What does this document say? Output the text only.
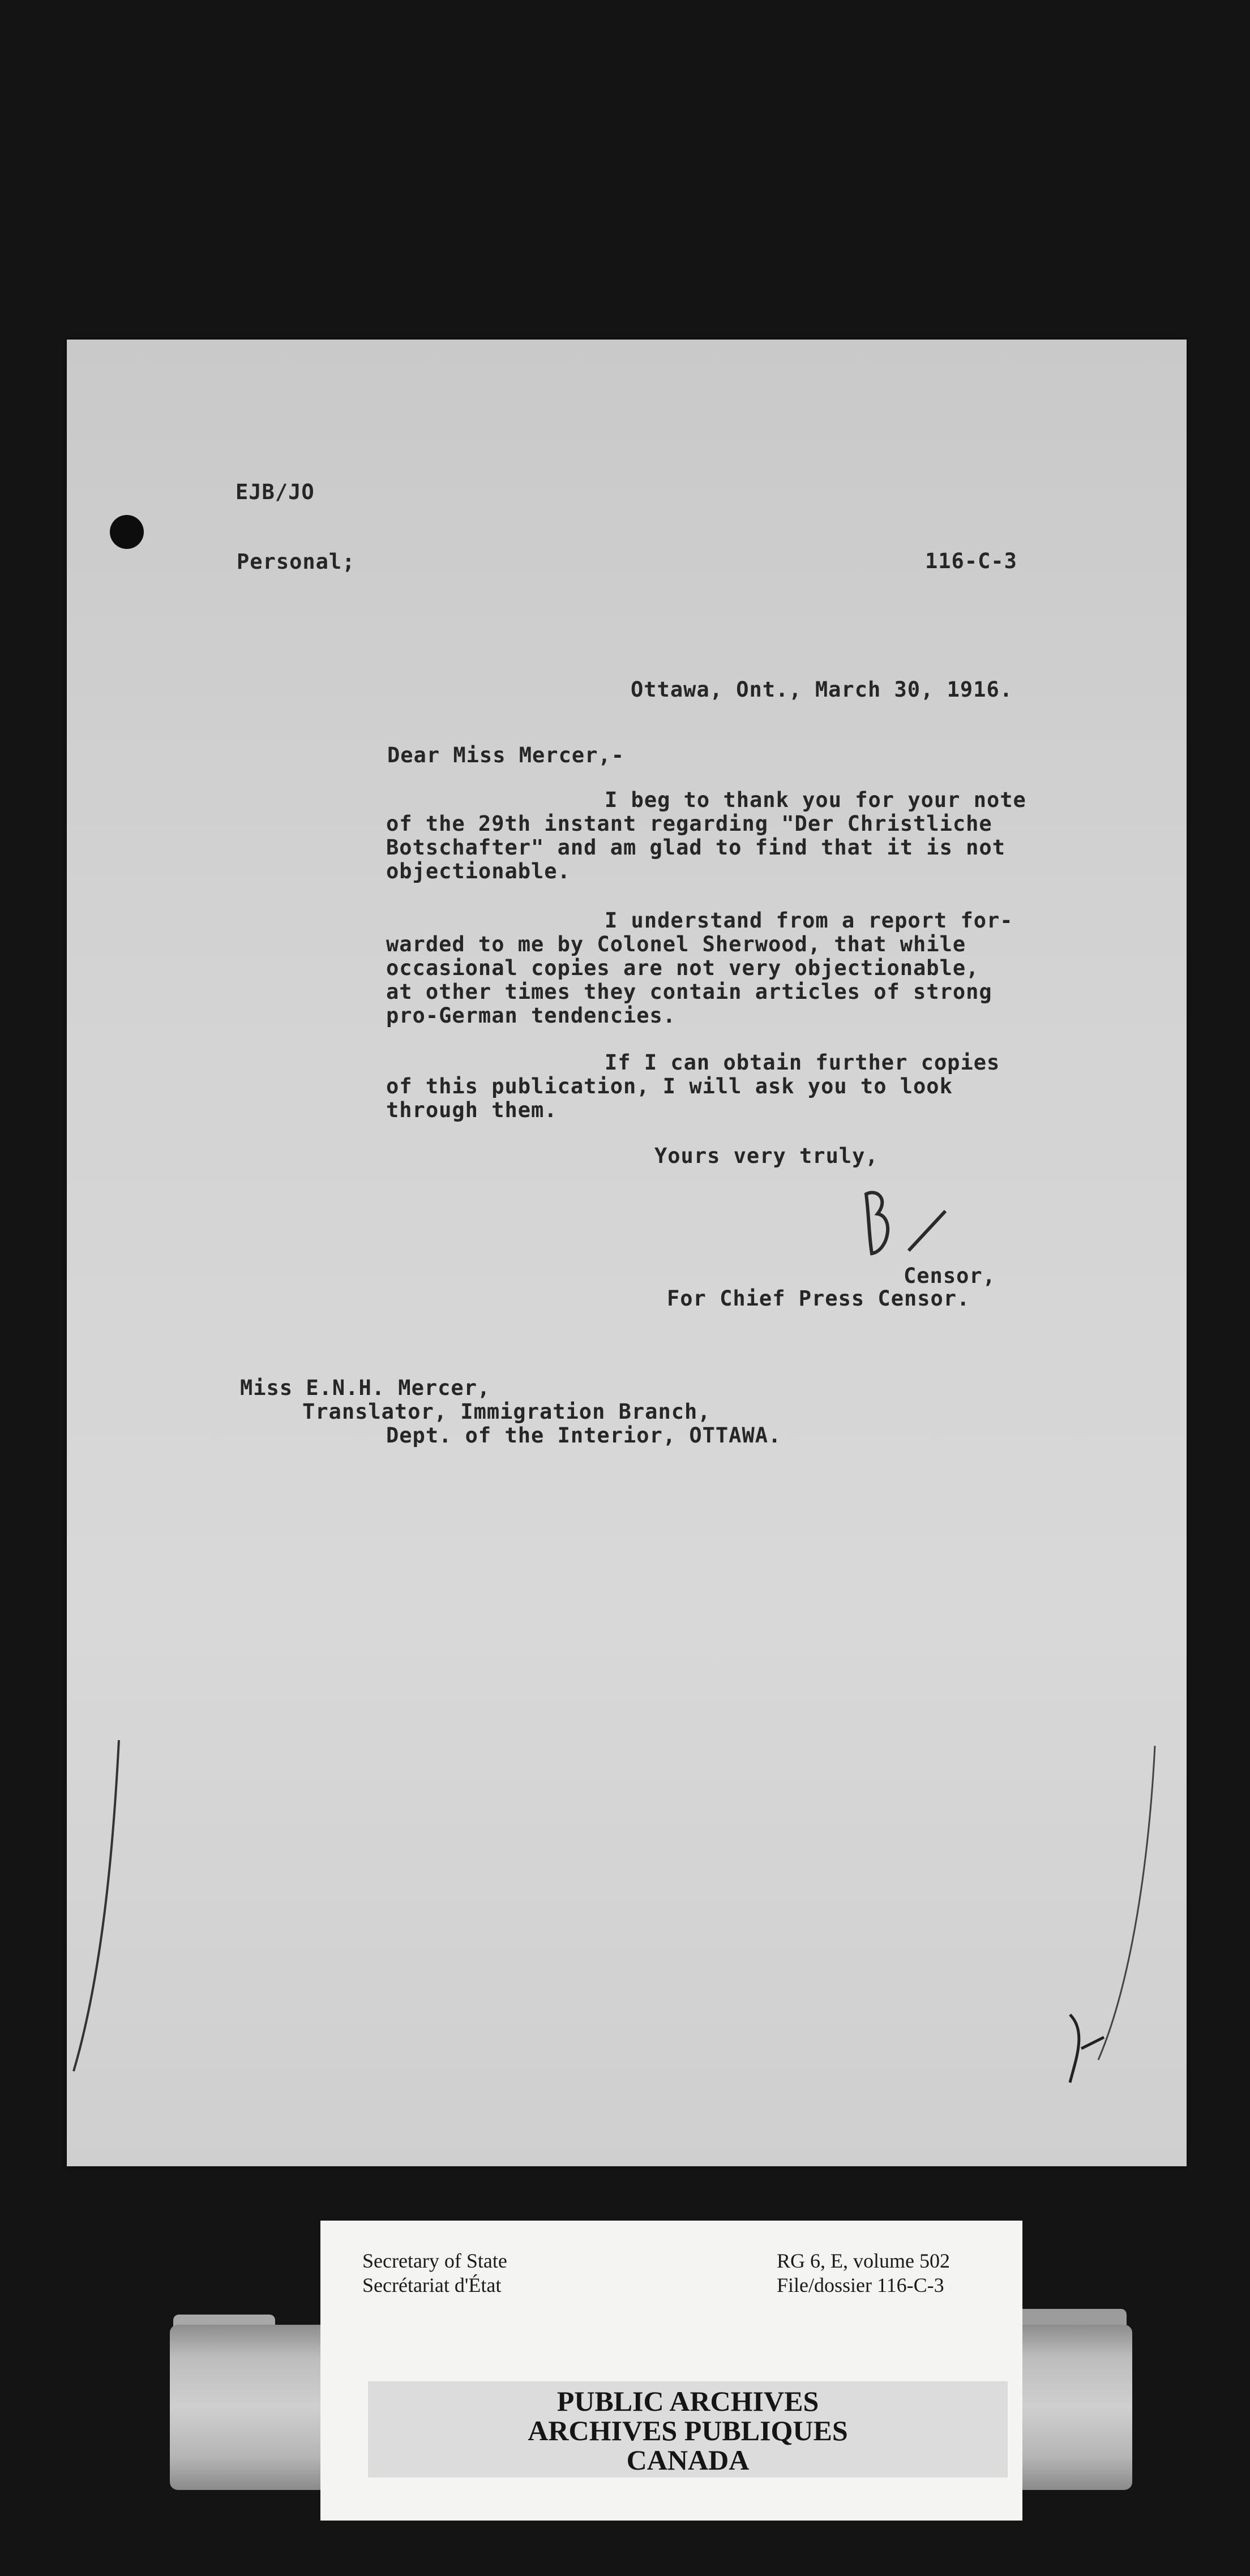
EJB/JO
Personal;	116-C-3
Ottawa, Ont., March 30, 1916.
Dear Miss Mercer,-
I beg to thank you for your note
of the 29th instant regarding "Der Christliche
Botschafter" and am glad to find that it is not
objectionable.
I understand from a report for-
warded to me by Colonel Sherwood, that while
occasional copies are not very objectionable,
at other times they contain articles of strong
pro-German tendencies.
If I can obtain further copies
of this publication, I will ask you to look
through them.
Yours very truly,
Censor,
For Chief Press Censor.
Miss E.N.H. Mercer,
Translator, Immigration Branch,
Dept. of the Interior, OTTAWA.
Secretary of State
Secrétariat d'État
RG 6, E, volume 502
File/dossier 116-C-3
PUBLIC ARCHIVES
ARCHIVES PUBLIQUES
CANADA
